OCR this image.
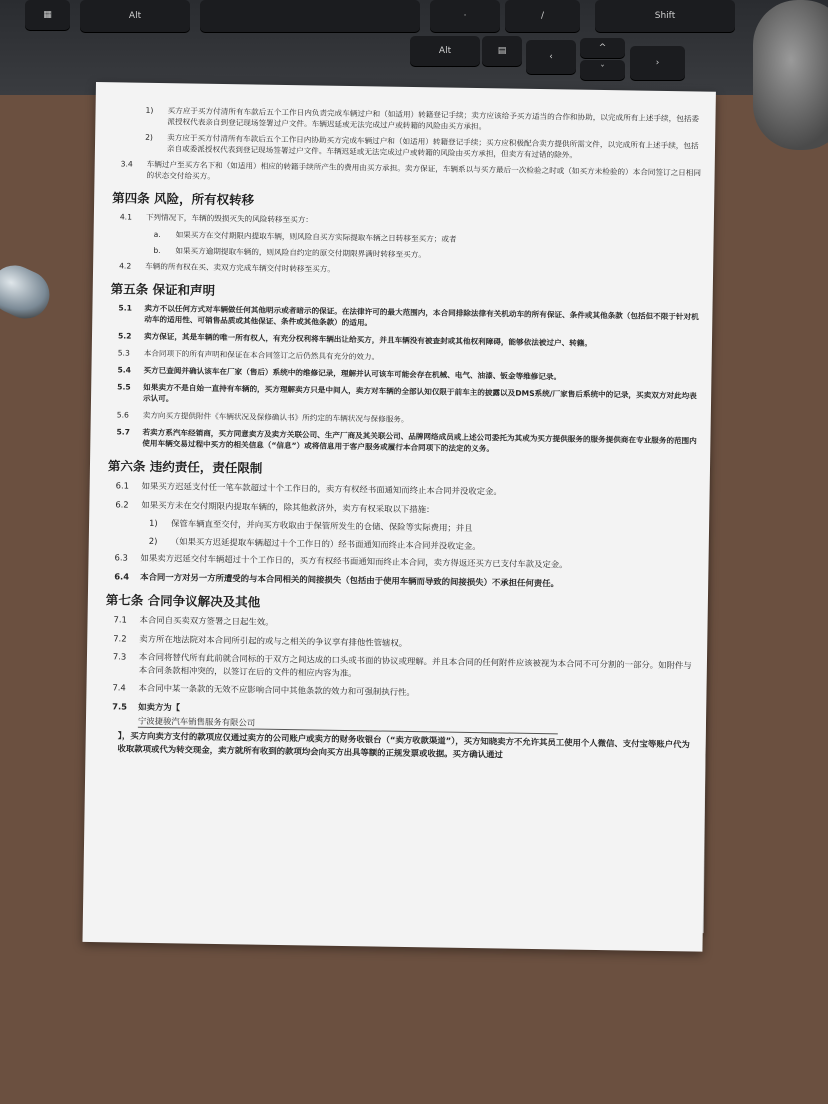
▦	Alt	·	/	Shift
Alt	▤
‹
^
ˇ
›
1)	买方应于买方付清所有车款后五个工作日内负责完成车辆过户和（如适用）转籍登记手续；卖方应该给予买方适当的合作和协助，以完成所有上述手续，包括委派授权代表亲自到登记现场签署过户文件。车辆迟延或无法完成过户或转籍的风险由买方承担。
2)	卖方应于买方付清所有车款后五个工作日内协助买方完成车辆过户和（如适用）转籍登记手续；买方应积极配合卖方提供所需文件，以完成所有上述手续，包括亲自或委派授权代表到登记现场签署过户文件。车辆迟延或无法完成过户或转籍的风险由买方承担，但卖方有过错的除外。
3.4	车辆过户至买方名下和（如适用）相应的转籍手续所产生的费用由买方承担。卖方保证，车辆系以与买方最后一次检验之时或（如买方未检验的）本合同签订之日相同的状态交付给买方。
第四条 风险，所有权转移
4.1	下列情况下，车辆的毁损灭失的风险转移至买方：
a.	如果买方在交付期限内提取车辆，则风险自买方实际提取车辆之日转移至买方；或者
b.	如果买方逾期提取车辆的，则风险自约定的原交付期限界满时转移至买方。
4.2	车辆的所有权在买、卖双方完成车辆交付时转移至买方。
第五条 保证和声明
5.1	卖方不以任何方式对车辆做任何其他明示或者暗示的保证。在法律许可的最大范围内，本合同排除法律有关机动车的所有保证、条件或其他条款（包括但不限于针对机动车的适用性、可销售品质或其他保证、条件或其他条款）的适用。
5.2	卖方保证，其是车辆的唯一所有权人，有充分权利将车辆出让给买方，并且车辆没有被查封或其他权利障碍，能够依法被过户、转籍。
5.3	本合同项下的所有声明和保证在本合同签订之后仍然具有充分的效力。
5.4	买方已查阅并确认该车在厂家（售后）系统中的维修记录，理解并认可该车可能会存在机械、电气、油漆、钣金等维修记录。
5.5	如果卖方不是自始一直持有车辆的，买方理解卖方只是中间人，卖方对车辆的全部认知仅限于前车主的披露以及DMS系统/厂家售后系统中的记录，买卖双方对此均表示认可。
5.6	卖方向买方提供附件《车辆状况及保修确认书》所约定的车辆状况与保修服务。
5.7	若卖方系汽车经销商，买方同意卖方及卖方关联公司、生产厂商及其关联公司、品牌网络成员或上述公司委托为其或为买方提供服务的服务提供商在专业服务的范围内使用车辆交易过程中买方的相关信息（“信息”）或将信息用于客户服务或履行本合同项下的法定的义务。
第六条 违约责任，责任限制
6.1	如果买方迟延支付任一笔车款超过十个工作日的，卖方有权经书面通知而终止本合同并没收定金。
6.2	如果买方未在交付期限内提取车辆的，除其他救济外，卖方有权采取以下措施：
1)	保管车辆直至交付，并向买方收取由于保管所发生的仓储、保险等实际费用；并且
2)	（如果买方迟延提取车辆超过十个工作日的）经书面通知而终止本合同并没收定金。
6.3	如果卖方迟延交付车辆超过十个工作日的，买方有权经书面通知而终止本合同，卖方得返还买方已支付车款及定金。
6.4	本合同一方对另一方所遭受的与本合同相关的间接损失（包括由于使用车辆而导致的间接损失）不承担任何责任。
第七条 合同争议解决及其他
7.1	本合同自买卖双方签署之日起生效。
7.2	卖方所在地法院对本合同所引起的或与之相关的争议享有排他性管辖权。
7.3	本合同将替代所有此前就合同标的于双方之间达成的口头或书面的协议或理解。并且本合同的任何附件应该被视为本合同不可分割的一部分。如附件与本合同条款相冲突的，以签订在后的文件的相应内容为准。
7.4	本合同中某一条款的无效不应影响合同中其他条款的效力和可强制执行性。
7.5	如卖方为【
宁波捷骏汽车销售服务有限公司
】，买方向卖方支付的款项应仅通过卖方的公司账户或卖方的财务收银台（“卖方收款渠道”），买方知晓卖方不允许其员工使用个人微信、支付宝等账户代为收取款项或代为转交现金，卖方就所有收到的款项均会向买方出具等额的正规发票或收据。买方确认通过
